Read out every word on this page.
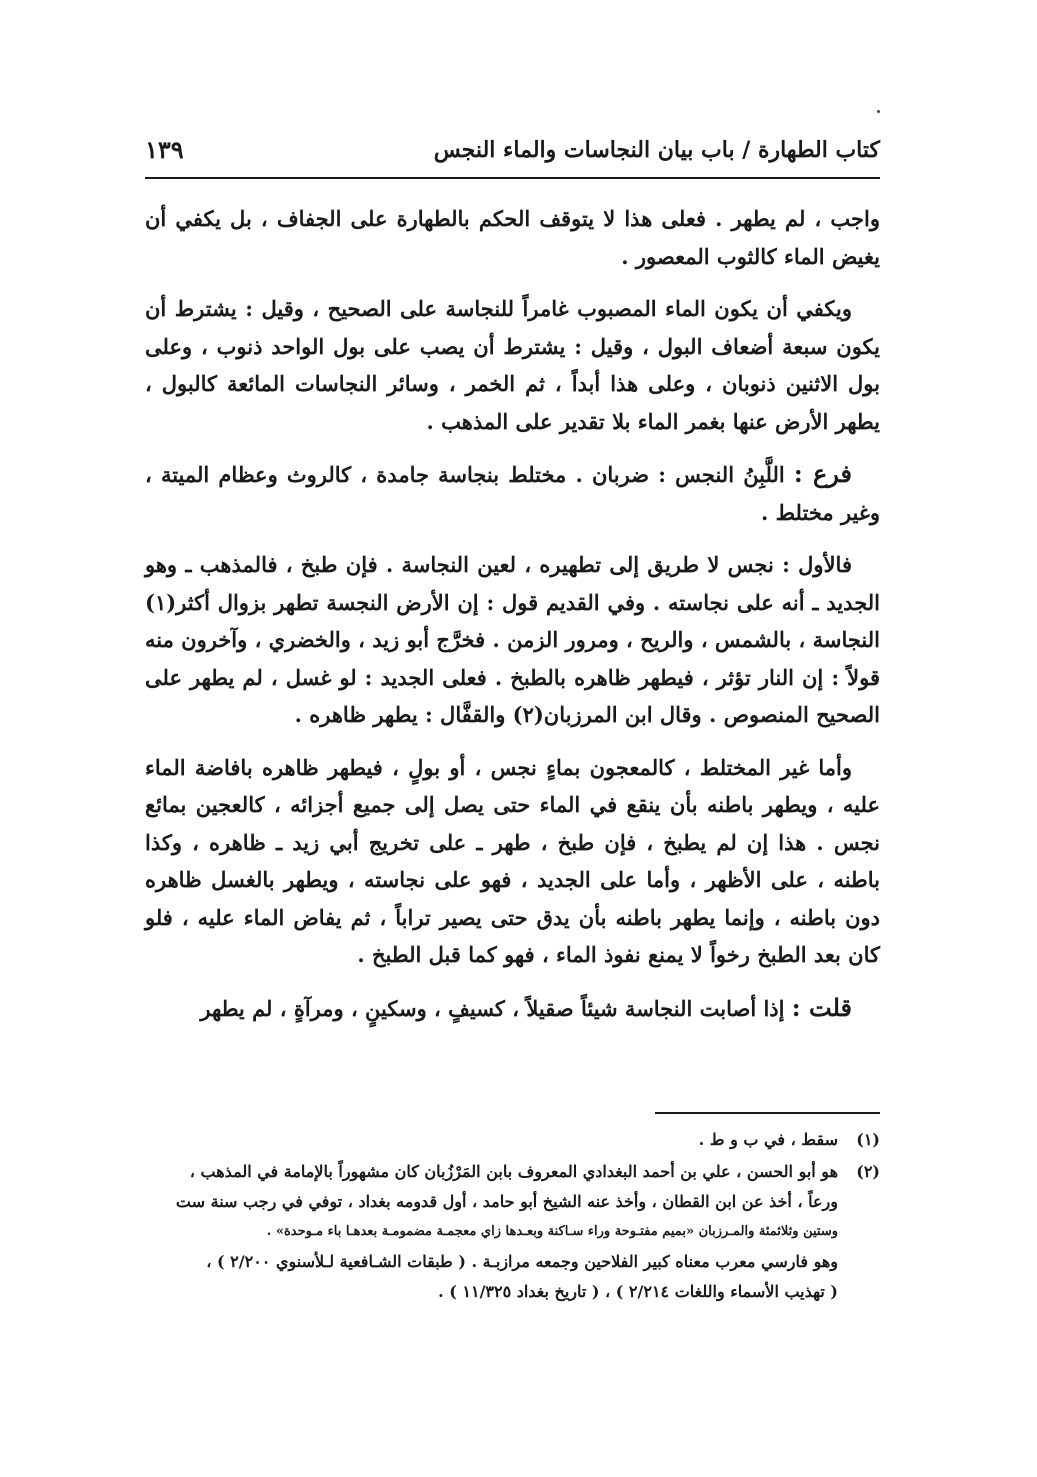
كتاب الطهارة / باب بيان النجاسات والماء النجس
١٣٩

واجب ، لم يطهر . فعلى هذا لا يتوقف الحكم بالطهارة على الجفاف ، بل يكفي أن يغيض الماء كالثوب المعصور .

ويكفي أن يكون الماء المصبوب غامراً للنجاسة على الصحيح ، وقيل : يشترط أن يكون سبعة أضعاف البول ، وقيل : يشترط أن يصب على بول الواحد ذنوب ، وعلى بول الاثنين ذنوبان ، وعلى هذا أبداً ، ثم الخمر ، وسائر النجاسات المائعة كالبول ، يطهر الأرض عنها بغمر الماء بلا تقدير على المذهب .

فرع : اللَّبِنُ النجس : ضربان . مختلط بنجاسة جامدة ، كالروث وعظام الميتة ، وغير مختلط .

فالأول : نجس لا طريق إلى تطهيره ، لعين النجاسة . فإن طبخ ، فالمذهب ـ وهو الجديد ـ أنه على نجاسته . وفي القديم قول : إن الأرض النجسة تطهر بزوال أكثر(١) النجاسة ، بالشمس ، والريح ، ومرور الزمن . فخرَّج أبو زيد ، والخضري ، وآخرون منه قولاً : إن النار تؤثر ، فيطهر ظاهره بالطبخ . فعلى الجديد : لو غسل ، لم يطهر على الصحيح المنصوص . وقال ابن المرزبان(٢) والقفَّال : يطهر ظاهره .

وأما غير المختلط ، كالمعجون بماءٍ نجس ، أو بولٍ ، فيطهر ظاهره بافاضة الماء عليه ، ويطهر باطنه بأن ينقع في الماء حتى يصل إلى جميع أجزائه ، كالعجين بمائع نجس . هذا إن لم يطبخ ، فإن طبخ ، طهر ـ على تخريج أبي زيد ـ ظاهره ، وكذا باطنه ، على الأظهر ، وأما على الجديد ، فهو على نجاسته ، ويطهر بالغسل ظاهره دون باطنه ، وإنما يطهر باطنه بأن يدق حتى يصير تراباً ، ثم يفاض الماء عليه ، فلو كان بعد الطبخ رخواً لا يمنع نفوذ الماء ، فهو كما قبل الطبخ .

قلت : إذا أصابت النجاسة شيئاً صقيلاً ، كسيفٍ ، وسكينٍ ، ومرآةٍ ، لم يطهر

(١)
سقط ، في ب و ط .
(٢)
هو أبو الحسن ، علي بن أحمد البغدادي المعروف بابن المَرْزُبان كان مشهوراً بالإمامة في المذهب ،
ورعاً ، أخذ عن ابن القطان ، وأخذ عنه الشيخ أبو حامد ، أول قدومه بغداد ، توفي في رجب سنة ست
وستين وثلاثمئة والمـرزبان «بميم مفتـوحة وراء سـاكنة وبعـدها زاي معجمـة مضمومـة بعدهـا باء مـوحدة» .
وهو فارسي معرب معناه كبير الفلاحين وجمعه مرازبـة . ( طبقات الشـافعية لـلأسنوي ٢/٢٠٠ ) ،
( تهذيب الأسماء واللغات ٢/٢١٤ ) ، ( تاريخ بغداد ١١/٣٢٥ ) .
